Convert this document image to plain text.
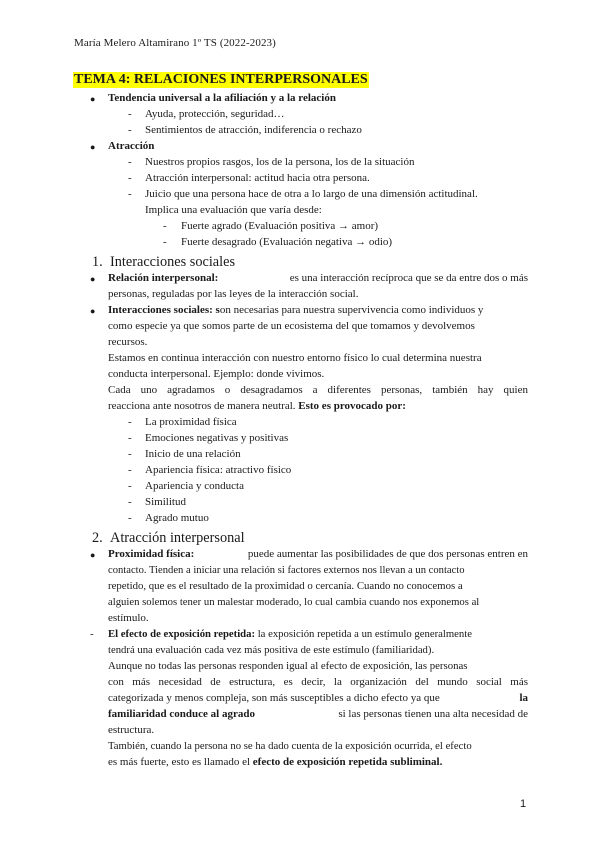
María Melero Altamirano 1º TS (2022-2023)
TEMA 4: RELACIONES INTERPERSONALES
● Tendencia universal a la afiliación y a la relación
- Ayuda, protección, seguridad…
- Sentimientos de atracción, indiferencia o rechazo
● Atracción
- Nuestros propios rasgos, los de la persona, los de la situación
- Atracción interpersonal: actitud hacia otra persona.
- Juicio que una persona hace de otra a lo largo de una dimensión actitudinal.
Implica una evaluación que varía desde:
- Fuerte agrado (Evaluación positiva → amor)
- Fuerte desagrado (Evaluación negativa → odio)
1. Interacciones sociales
● Relación interpersonal:	es una interacción recíproca que se da entre dos o más
personas, reguladas por las leyes de la interacción social.
● Interacciones sociales: son necesarias para nuestra supervivencia como individuos y
como especie ya que somos parte de un ecosistema del que tomamos y devolvemos
recursos.
Estamos en continua interacción con nuestro entorno físico lo cual determina nuestra
conducta interpersonal. Ejemplo: donde vivimos.
Cada uno agradamos o desagradamos a diferentes personas, también hay quien
reacciona ante nosotros de manera neutral. Esto es provocado por:
- La proximidad física
- Emociones negativas y positivas
- Inicio de una relación
- Apariencia física: atractivo físico
- Apariencia y conducta
- Similitud
- Agrado mutuo
2. Atracción interpersonal
● Proximidad física:	puede aumentar las posibilidades de que dos personas entren en
contacto. Tienden a iniciar una relación si factores externos nos llevan a un contacto
repetido, que es el resultado de la proximidad o cercanía. Cuando no conocemos a
alguien solemos tener un malestar moderado, lo cual cambia cuando nos exponemos al
estímulo.
- El efecto de exposición repetida: la exposición repetida a un estímulo generalmente
tendrá una evaluación cada vez más positiva de este estímulo (familiaridad).
Aunque no todas las personas responden igual al efecto de exposición, las personas
con más necesidad de estructura, es decir, la organización del mundo social más
categorizada y menos compleja, son más susceptibles a dicho efecto ya que	la
familiaridad conduce al agrado	si las personas tienen una alta necesidad de
estructura.
También, cuando la persona no se ha dado cuenta de la exposición ocurrida, el efecto
es más fuerte, esto es llamado el efecto de exposición repetida subliminal.
1
